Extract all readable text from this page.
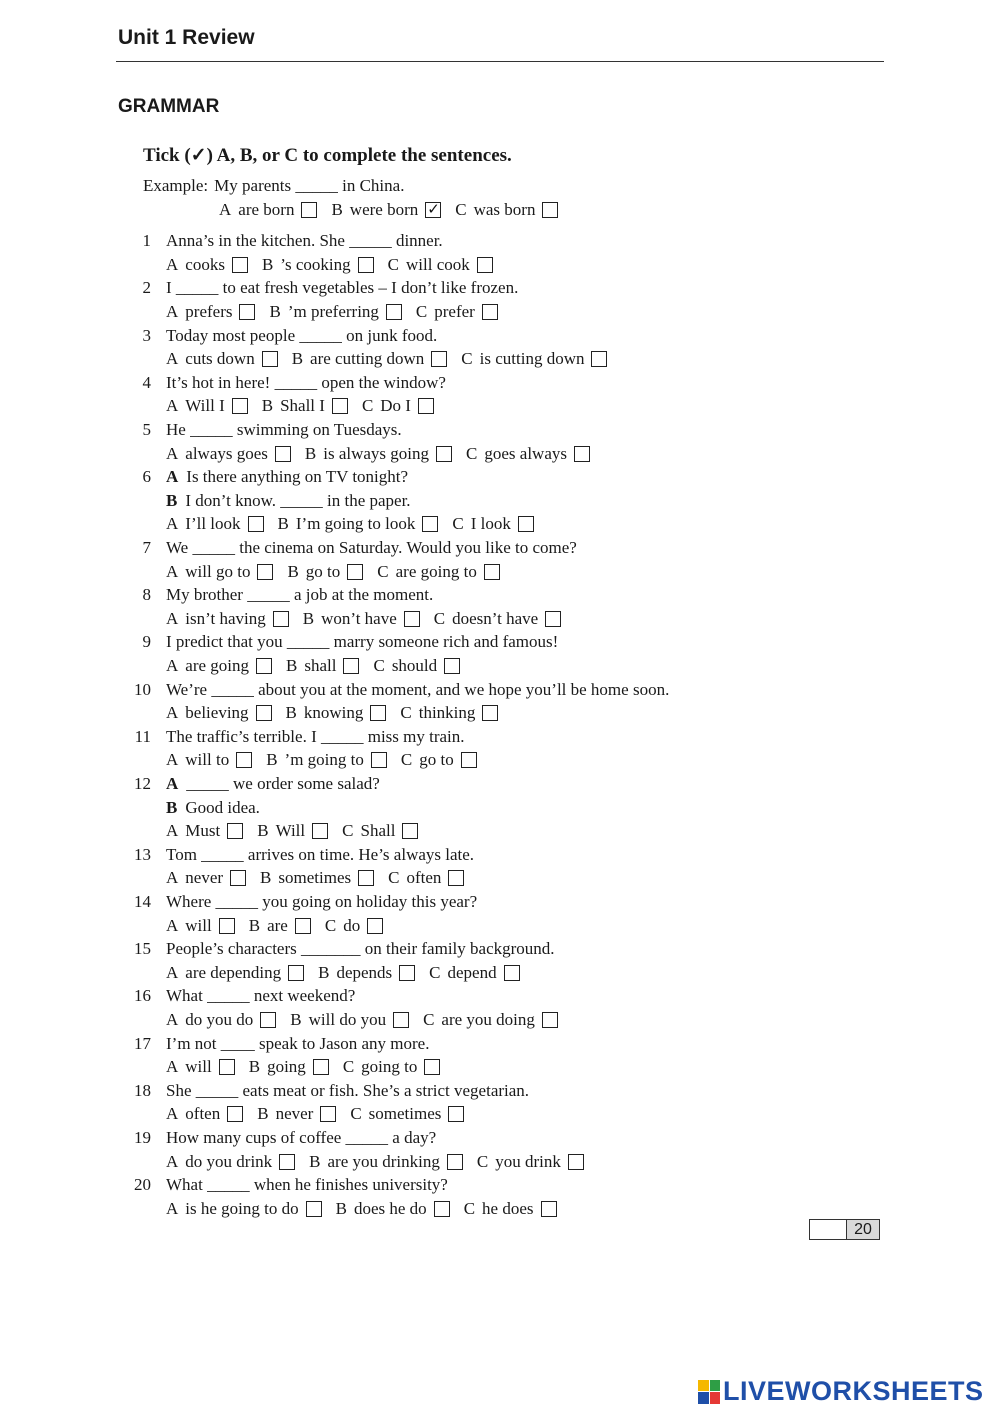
Unit 1 Review
GRAMMAR
Tick (✓) A, B, or C to complete the sentences.
Example: My parents _____ in China.
A are born B were born
✓ C was born
1 Anna’s in the kitchen. She _____ dinner.
A cooks B ’s cooking C will cook
2 I _____ to eat fresh vegetables – I don’t like frozen.
A prefers B ’m preferring C prefer
3 Today most people _____ on junk food.
A cuts down B are cutting down C is cutting down
4 It’s hot in here! _____ open the window?
A Will I B Shall I C Do I
5 He _____ swimming on Tuesdays.
A always goes B is always going C goes always
6 A Is there anything on TV tonight?
B I don’t know. _____ in the paper.
A I’ll look B I’m going to look C I look
7 We _____ the cinema on Saturday. Would you like to come?
A will go to B go to C are going to
8 My brother _____ a job at the moment.
A isn’t having B won’t have C doesn’t have
9 I predict that you _____ marry someone rich and famous!
A are going B shall C should
10 We’re _____ about you at the moment, and we hope you’ll be home soon.
A believing B knowing C thinking
11 The traffic’s terrible. I _____ miss my train.
A will to B ’m going to C go to
12 A _____ we order some salad?
B Good idea.
A Must B Will C Shall
13 Tom _____ arrives on time. He’s always late.
A never B sometimes C often
14 Where _____ you going on holiday this year?
A will B are C do
15 People’s characters _______ on their family background.
A are depending B depends C depend
16 What _____ next weekend?
A do you do B will do you C are you doing
17 I’m not ____ speak to Jason any more.
A will B going C going to
18 She _____ eats meat or fish. She’s a strict vegetarian.
A often B never C sometimes
19 How many cups of coffee _____ a day?
A do you drink B are you drinking C you drink
20 What _____ when he finishes university?
A is he going to do B does he do C he does
20
LIVEWORKSHEETS
